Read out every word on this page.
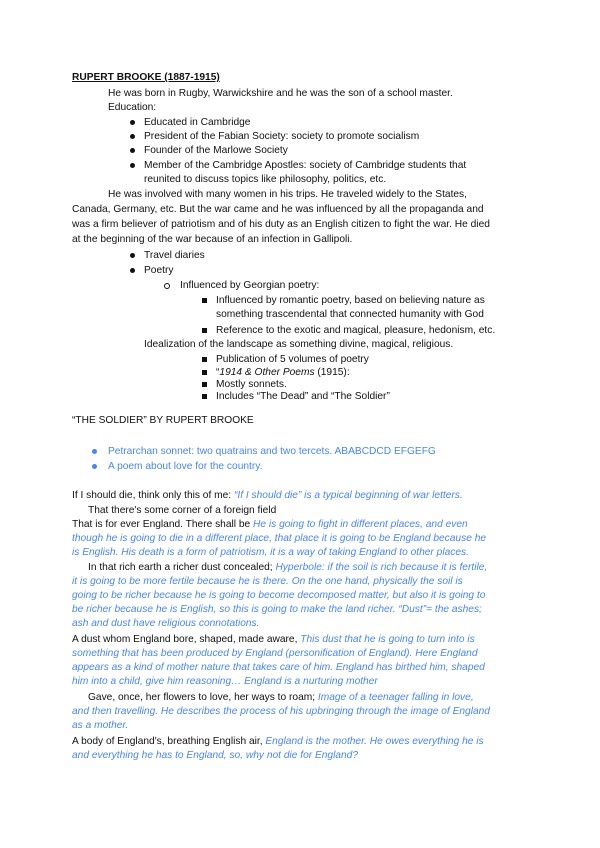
RUPERT BROOKE (1887-1915)
He was born in Rugby, Warwickshire and he was the son of a school master.
Education:
Educated in Cambridge
President of the Fabian Society: society to promote socialism
Founder of the Marlowe Society
Member of the Cambridge Apostles: society of Cambridge students that
reunited to discuss topics like philosophy, politics, etc.
He was involved with many women in his trips. He traveled widely to the States,
Canada, Germany, etc. But the war came and he was influenced by all the propaganda and
was a firm believer of patriotism and of his duty as an English citizen to fight the war. He died
at the beginning of the war because of an infection in Gallipoli.
Travel diaries
Poetry
Influenced by Georgian poetry:
Influenced by romantic poetry, based on believing nature as
something trascendental that connected humanity with God
Reference to the exotic and magical, pleasure, hedonism, etc.
Idealization of the landscape as something divine, magical, religious.
Publication of 5 volumes of poetry
“1914 & Other Poems (1915):
Mostly sonnets.
Includes “The Dead” and “The Soldier”
“THE SOLDIER” BY RUPERT BROOKE
Petrarchan sonnet: two quatrains and two tercets. ABABCDCD EFGEFG
A poem about love for the country.
If I should die, think only this of me: “If I should die” is a typical beginning of war letters.
That there's some corner of a foreign field
That is for ever England. There shall be He is going to fight in different places, and even
though he is going to die in a different place, that place it is going to be England because he
is English. His death is a form of patriotism, it is a way of taking England to other places.
In that rich earth a richer dust concealed; Hyperbole: if the soil is rich because it is fertile,
it is going to be more fertile because he is there. On the one hand, physically the soil is
going to be richer because he is going to become decomposed matter, but also it is going to
be richer because he is English, so this is going to make the land richer. “Dust”= the ashes;
ash and dust have religious connotations.
A dust whom England bore, shaped, made aware, This dust that he is going to turn into is
something that has been produced by England (personification of England). Here England
appears as a kind of mother nature that takes care of him. England has birthed him, shaped
him into a child, give him reasoning… England is a nurturing mother
Gave, once, her flowers to love, her ways to roam; Image of a teenager falling in love,
and then travelling. He describes the process of his upbringing through the image of England
as a mother.
A body of England's, breathing English air, England is the mother. He owes everything he is
and everything he has to England, so, why not die for England?
